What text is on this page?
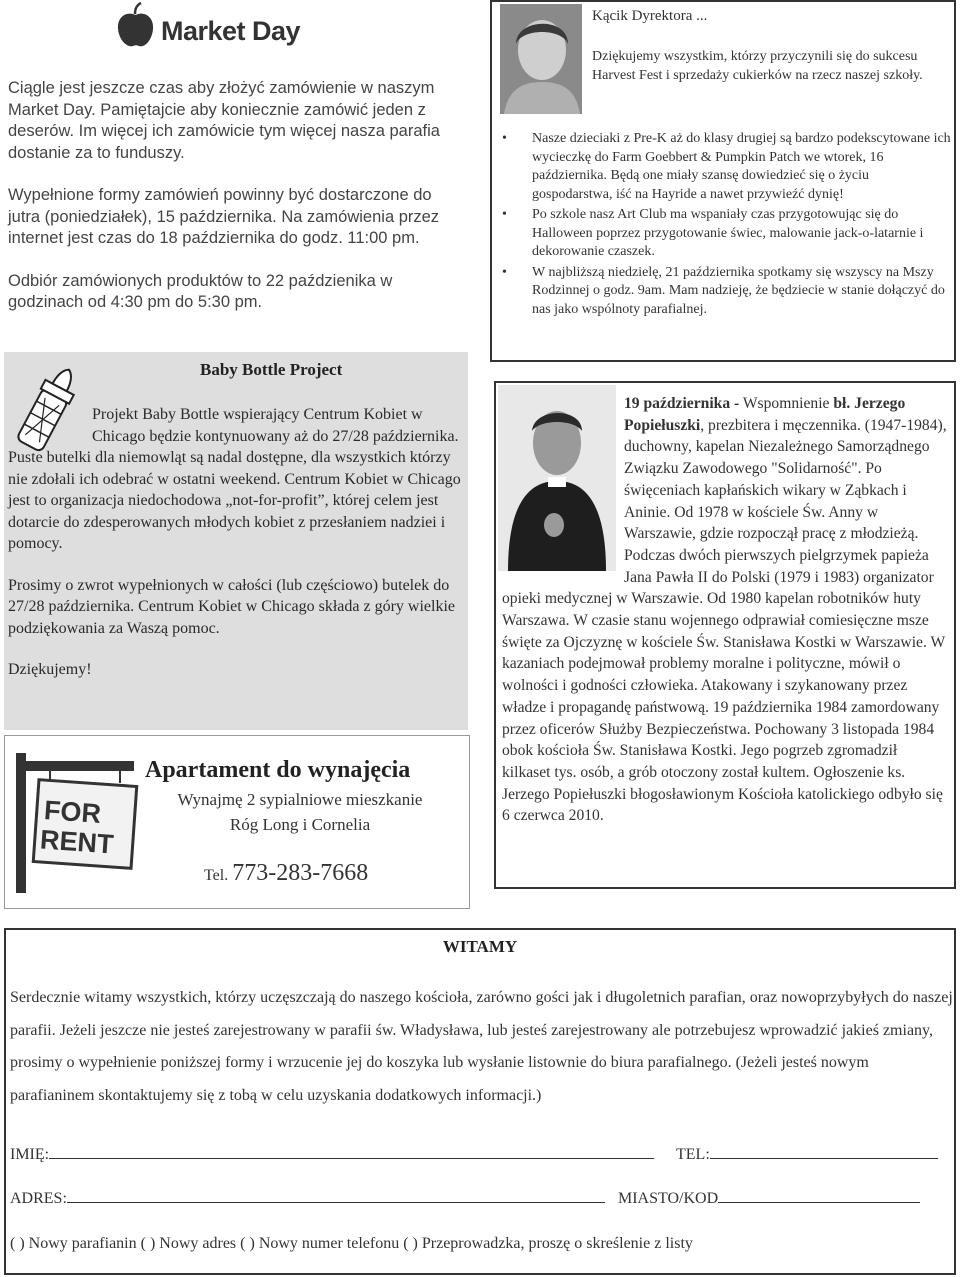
Market Day

Ciągle jest jeszcze czas aby złożyć zamówienie w naszym Market Day. Pamiętajcie aby koniecznie zamówić jeden z deserów. Im więcej ich zamówicie tym więcej nasza parafia dostanie za to funduszy.

Wypełnione formy zamówień powinny być dostarczone do jutra (poniedziałek), 15 października. Na zamówienia przez internet jest czas do 18 października do godz. 11:00 pm.

Odbiór zamówionych produktów to 22 paździenika w godzinach od 4:30 pm do 5:30 pm.

Baby Bottle Project

Projekt Baby Bottle wspierający Centrum Kobiet w Chicago będzie kontynuowany aż do 27/28 października.

Puste butelki dla niemowląt są nadal dostępne, dla wszystkich którzy nie zdołali ich odebrać w ostatni weekend. Centrum Kobiet w Chicago jest to organizacja niedochodowa „not-for-profit”, której celem jest dotarcie do zdesperowanych młodych kobiet z przesłaniem nadziei i pomocy.

Prosimy o zwrot wypełnionych w całości (lub częściowo) butelek do 27/28 października. Centrum Kobiet w Chicago składa z góry wielkie podziękowania za Waszą pomoc.

Dziękujemy!

FOR
RENT
Apartament do wynajęcia
Wynajmę 2 sypialniowe mieszkanie
Róg Long i Cornelia
Tel. 773-283-7668
Kącik Dyrektora ...
Dziękujemy wszystkim, którzy przyczynili się do sukcesu Harvest Fest i sprzedaży cukierków na rzecz naszej szkoły.
• Nasze dzieciaki z Pre-K aż do klasy drugiej są bardzo podekscytowane ich wycieczkę do Farm Goebbert & Pumpkin Patch we wtorek, 16 października. Będą one miały szansę dowiedzieć się o życiu gospodarstwa, iść na Hayride a nawet przywieźć dynię!
• Po szkole nasz Art Club ma wspaniały czas przygotowując się do Halloween poprzez przygotowanie świec, malowanie jack-o-latarnie i dekorowanie czaszek.
• W najbliższą niedzielę, 21 października spotkamy się wszyscy na Mszy Rodzinnej o godz. 9am. Mam nadzieję, że będziecie w stanie dołączyć do nas jako wspólnoty parafialnej.
19 października - Wspomnienie bł. Jerzego Popiełuszki, prezbitera i męczennika. (1947-1984), duchowny, kapelan Niezależnego Samorządnego Związku Zawodowego "Solidarność". Po święceniach kapłańskich wikary w Ząbkach i Aninie. Od 1978 w kościele Św. Anny w Warszawie, gdzie rozpoczął pracę z młodzieżą. Podczas dwóch pierwszych pielgrzymek papieża Jana Pawła II do Polski (1979 i 1983) organizator opieki medycznej w Warszawie. Od 1980 kapelan robotników huty Warszawa. W czasie stanu wojennego odprawiał comiesięczne msze święte za Ojczyznę w kościele Św. Stanisława Kostki w Warszawie. W kazaniach podejmował problemy moralne i polityczne, mówił o wolności i godności człowieka. Atakowany i szykanowany przez władze i propagandę państwową. 19 października 1984 zamordowany przez oficerów Służby Bezpieczeństwa. Pochowany 3 listopada 1984 obok kościoła Św. Stanisława Kostki. Jego pogrzeb zgromadził kilkaset tys. osób, a grób otoczony został kultem. Ogłoszenie ks. Jerzego Popiełuszki błogosławionym Kościoła katolickiego odbyło się 6 czerwca 2010.
WITAMY
Serdecznie witamy wszystkich, którzy uczęszczają do naszego kościoła, zarówno gości jak i długoletnich parafian, oraz nowoprzybyłych do naszej parafii. Jeżeli jeszcze nie jesteś zarejestrowany w parafii św. Władysława, lub jesteś zarejestrowany ale potrzebujesz wprowadzić jakieś zmiany, prosimy o wypełnienie poniższej formy i wrzucenie jej do koszyka lub wysłanie listownie do biura parafialnego. (Jeżeli jesteś nowym parafianinem skontaktujemy się z tobą w celu uzyskania dodatkowych informacji.)
IMIĘ:	TEL:
ADRES:	MIASTO/KOD
( ) Nowy parafianin ( ) Nowy adres ( ) Nowy numer telefonu ( ) Przeprowadzka, proszę o skreślenie z listy
